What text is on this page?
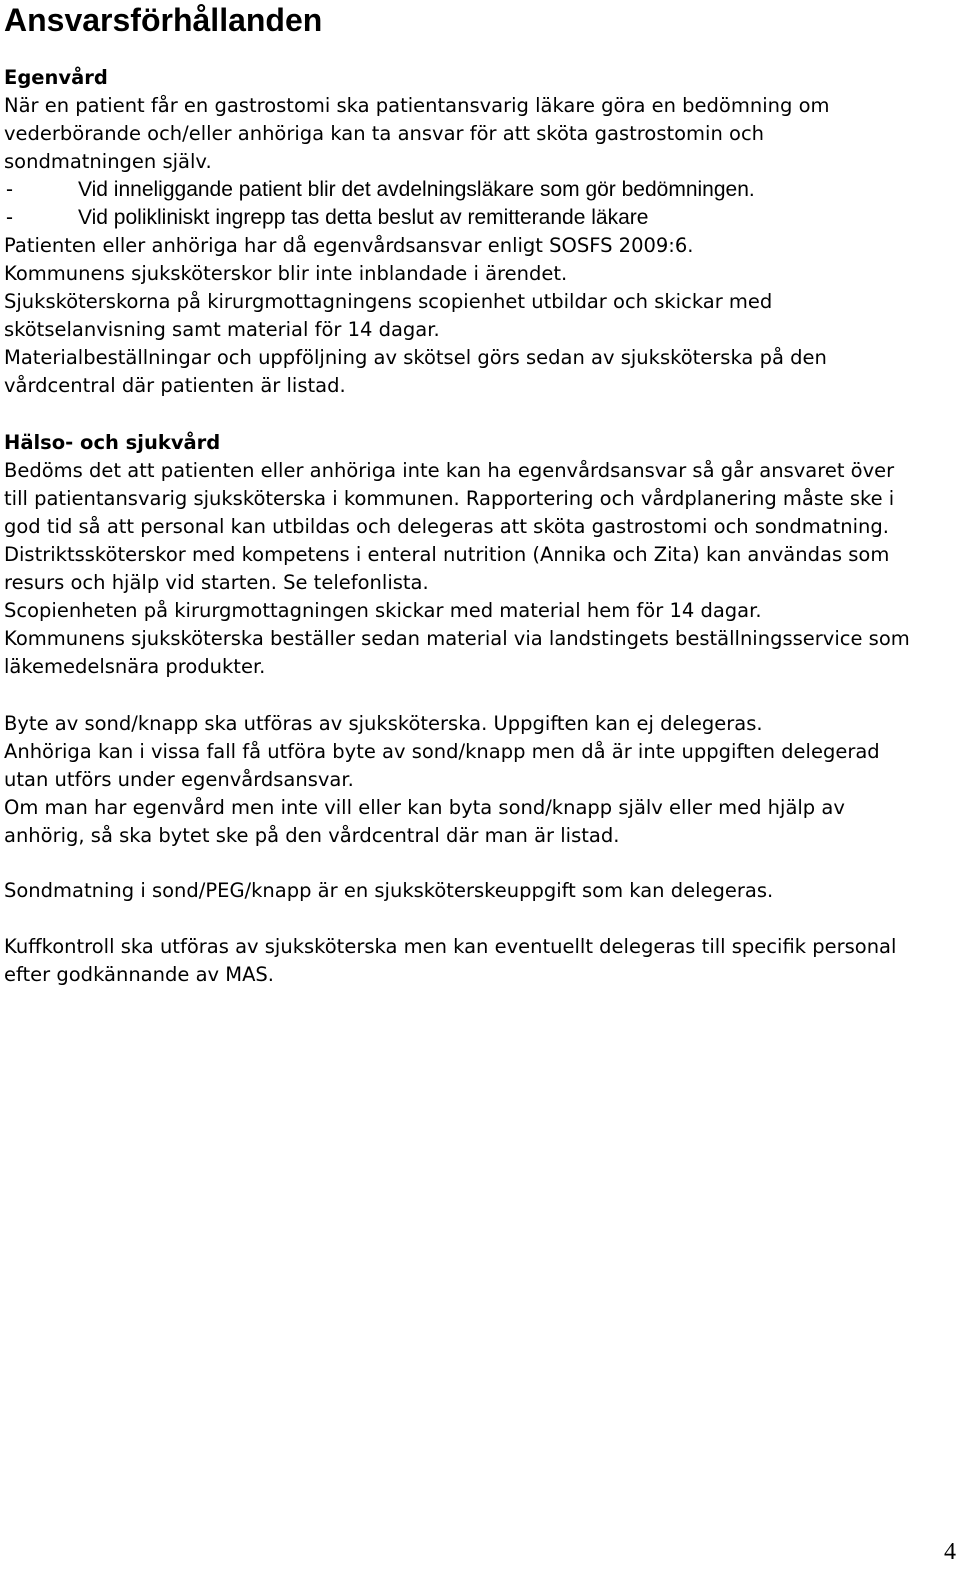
Ansvarsförhållanden
Egenvård
När en patient får en gastrostomi ska patientansvarig läkare göra en bedömning om
vederbörande och/eller anhöriga kan ta ansvar för att sköta gastrostomin och
sondmatningen själv.
-	Vid inneliggande patient blir det avdelningsläkare som gör bedömningen.
-	Vid polikliniskt ingrepp tas detta beslut av remitterande läkare
Patienten eller anhöriga har då egenvårdsansvar enligt SOSFS 2009:6.
Kommunens sjuksköterskor blir inte inblandade i ärendet.
Sjuksköterskorna på kirurgmottagningens scopienhet utbildar och skickar med
skötselanvisning samt material för 14 dagar.
Materialbeställningar och uppföljning av skötsel görs sedan av sjuksköterska på den
vårdcentral där patienten är listad.
Hälso- och sjukvård
Bedöms det att patienten eller anhöriga inte kan ha egenvårdsansvar så går ansvaret över
till patientansvarig sjuksköterska i kommunen. Rapportering och vårdplanering måste ske i
god tid så att personal kan utbildas och delegeras att sköta gastrostomi och sondmatning.
Distriktssköterskor med kompetens i enteral nutrition (Annika och Zita) kan användas som
resurs och hjälp vid starten. Se telefonlista.
Scopienheten på kirurgmottagningen skickar med material hem för 14 dagar.
Kommunens sjuksköterska beställer sedan material via landstingets beställningsservice som
läkemedelsnära produkter.
Byte av sond/knapp ska utföras av sjuksköterska. Uppgiften kan ej delegeras.
Anhöriga kan i vissa fall få utföra byte av sond/knapp men då är inte uppgiften delegerad
utan utförs under egenvårdsansvar.
Om man har egenvård men inte vill eller kan byta sond/knapp själv eller med hjälp av
anhörig, så ska bytet ske på den vårdcentral där man är listad.
Sondmatning i sond/PEG/knapp är en sjuksköterskeuppgift som kan delegeras.
Kuffkontroll ska utföras av sjuksköterska men kan eventuellt delegeras till specifik personal
efter godkännande av MAS.
4
